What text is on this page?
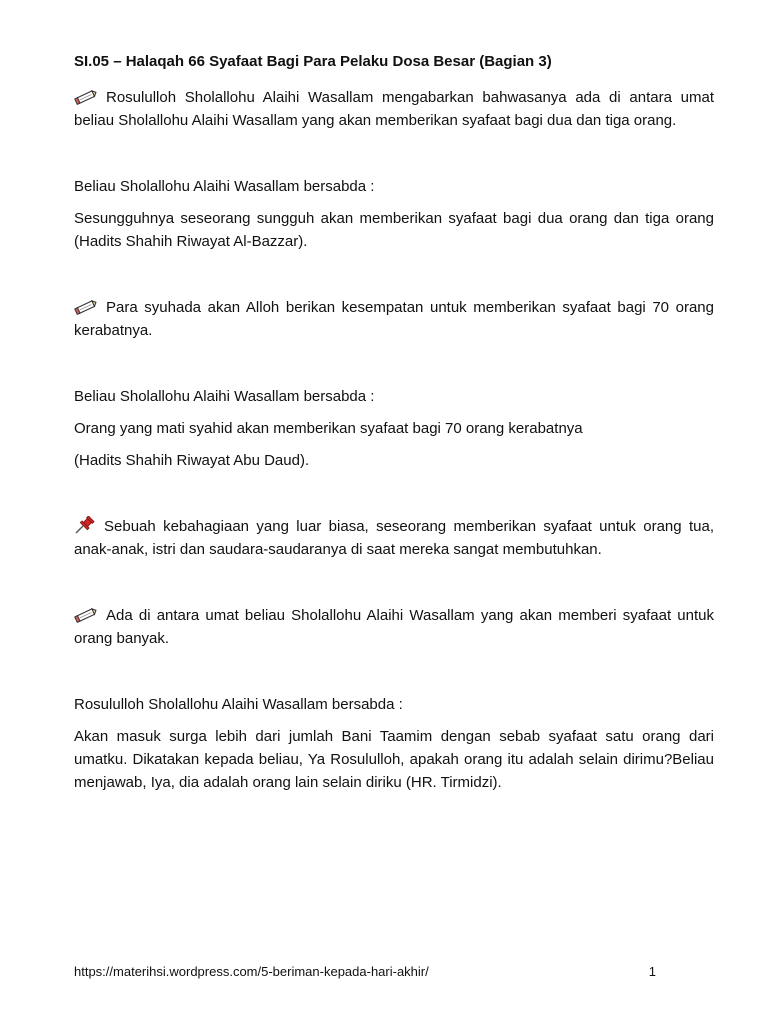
SI.05 – Halaqah 66 Syafaat Bagi Para Pelaku Dosa Besar (Bagian 3)

Rosululloh Sholallohu Alaihi Wasallam mengabarkan bahwasanya ada di antara umat beliau Sholallohu Alaihi Wasallam yang akan memberikan syafaat bagi dua dan tiga orang.

Beliau Sholallohu Alaihi Wasallam bersabda :

Sesungguhnya seseorang sungguh akan memberikan syafaat bagi dua orang dan tiga orang (Hadits Shahih Riwayat Al-Bazzar).

Para syuhada akan Alloh berikan kesempatan untuk memberikan syafaat bagi 70 orang kerabatnya.

Beliau Sholallohu Alaihi Wasallam bersabda :

Orang yang mati syahid akan memberikan syafaat bagi 70 orang kerabatnya

(Hadits Shahih Riwayat Abu Daud).

Sebuah kebahagiaan yang luar biasa, seseorang memberikan syafaat untuk orang tua, anak-anak, istri dan saudara-saudaranya di saat mereka sangat membutuhkan.

Ada di antara umat beliau Sholallohu Alaihi Wasallam yang akan memberi syafaat untuk orang banyak.

Rosululloh Sholallohu Alaihi Wasallam bersabda :

Akan masuk surga lebih dari jumlah Bani Taamim dengan sebab syafaat satu orang dari umatku. Dikatakan kepada beliau, Ya Rosululloh, apakah orang itu adalah selain dirimu?Beliau menjawab, Iya, dia adalah orang lain selain diriku (HR. Tirmidzi).

https://materihsi.wordpress.com/5-beriman-kepada-hari-akhir/	1
